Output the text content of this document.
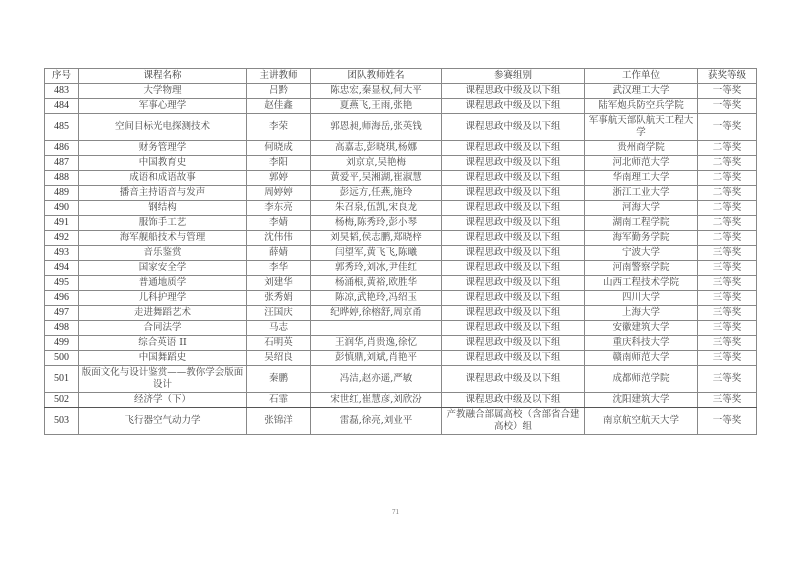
序号	课程名称	主讲教师	团队教师姓名	参赛组别	工作单位	获奖等级
483	大学物理	吕黔	陈忠宏,秦显权,何大平	课程思政中级及以下组	武汉理工大学	一等奖
484	军事心理学	赵佳鑫	夏燕飞,王雨,张艳	课程思政中级及以下组	陆军炮兵防空兵学院	一等奖
485	空间目标光电探测技术	李荣	郭恩昶,师海岳,张英钱	课程思政中级及以下组	军事航天部队航天工程大学	一等奖
486	财务管理学	何晓成	高嘉志,彭晓琪,杨娜	课程思政中级及以下组	贵州商学院	二等奖
487	中国教育史	李阳	刘京京,吴艳梅	课程思政中级及以下组	河北师范大学	二等奖
488	成语和成语故事	郭婷	黄爱平,吴湘湖,崔淑慧	课程思政中级及以下组	华南理工大学	二等奖
489	播音主持语音与发声	周婷婷	彭远方,任燕,施玲	课程思政中级及以下组	浙江工业大学	二等奖
490	钢结构	李东亮	朱召泉,伍凯,宋良龙	课程思政中级及以下组	河海大学	二等奖
491	服饰手工艺	李婧	杨梅,陈秀玲,彭小琴	课程思政中级及以下组	湖南工程学院	二等奖
492	海军舰船技术与管理	沈伟伟	刘昊韬,侯志鹏,郑晓梓	课程思政中级及以下组	海军勤务学院	二等奖
493	音乐鉴赏	薛婧	闫望军,黄飞飞,陈曦	课程思政中级及以下组	宁波大学	三等奖
494	国家安全学	李华	郭秀玲,刘冰,尹佳红	课程思政中级及以下组	河南警察学院	三等奖
495	普通地质学	刘建华	杨涌根,黄裕,欧胜华	课程思政中级及以下组	山西工程技术学院	三等奖
496	儿科护理学	张秀娟	陈凉,武艳玲,冯绍玉	课程思政中级及以下组	四川大学	三等奖
497	走进舞蹈艺术	汪国庆	纪晔婷,徐榕舒,周京甬	课程思政中级及以下组	上海大学	三等奖
498	合同法学	马志		课程思政中级及以下组	安徽建筑大学	三等奖
499	综合英语 II	石明英	王润华,肖贵逸,徐忆	课程思政中级及以下组	重庆科技大学	三等奖
500	中国舞蹈史	吴绍良	彭慎鼎,刘斌,肖艳平	课程思政中级及以下组	赣南师范大学	三等奖
501	版面文化与设计鉴赏——教你学会版面设计	秦鹏	冯洁,赵亦遥,严敏	课程思政中级及以下组	成都师范学院	三等奖
502	经济学（下）	石霏	宋世红,崔慧彦,刘欣汾	课程思政中级及以下组	沈阳建筑大学	三等奖
503	飞行器空气动力学	张锦洋	雷磊,徐亮,刘业平	产教融合部属高校（含部省合建高校）组	南京航空航天大学	一等奖
71
